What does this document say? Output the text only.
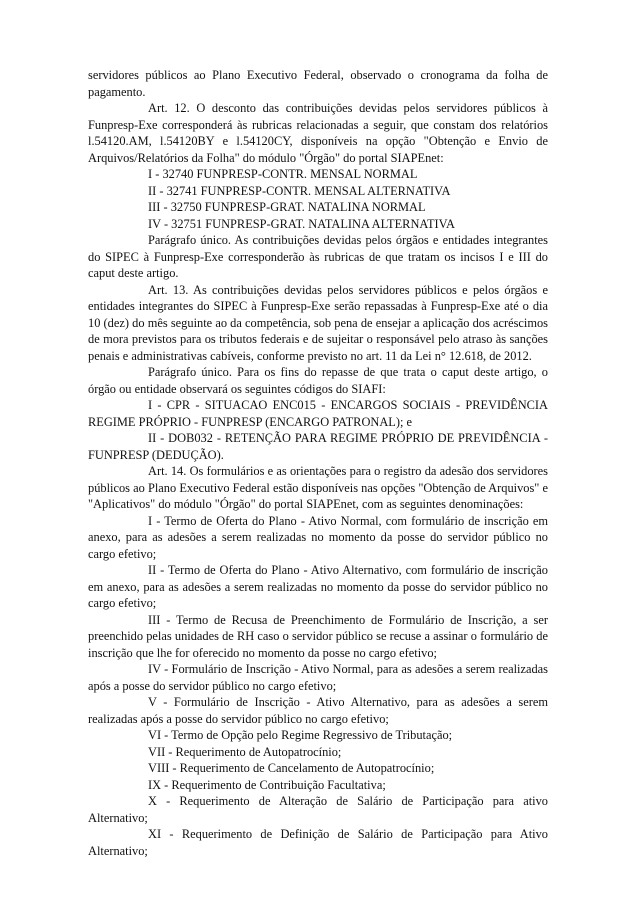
servidores públicos ao Plano Executivo Federal, observado o cronograma da folha de pagamento.

Art. 12. O desconto das contribuições devidas pelos servidores públicos à Funpresp-Exe corresponderá às rubricas relacionadas a seguir, que constam dos relatórios l.54120.AM, l.54120BY e l.54120CY, disponíveis na opção "Obtenção e Envio de Arquivos/Relatórios da Folha" do módulo "Órgão" do portal SIAPEnet:

I - 32740 FUNPRESP-CONTR. MENSAL NORMAL

II - 32741 FUNPRESP-CONTR. MENSAL ALTERNATIVA

III - 32750 FUNPRESP-GRAT. NATALINA NORMAL

IV - 32751 FUNPRESP-GRAT. NATALINA ALTERNATIVA

Parágrafo único. As contribuições devidas pelos órgãos e entidades integrantes do SIPEC à Funpresp-Exe corresponderão às rubricas de que tratam os incisos I e III do caput deste artigo.

Art. 13. As contribuições devidas pelos servidores públicos e pelos órgãos e entidades integrantes do SIPEC à Funpresp-Exe serão repassadas à Funpresp-Exe até o dia 10 (dez) do mês seguinte ao da competência, sob pena de ensejar a aplicação dos acréscimos de mora previstos para os tributos federais e de sujeitar o responsável pelo atraso às sanções penais e administrativas cabíveis, conforme previsto no art. 11 da Lei n° 12.618, de 2012.

Parágrafo único. Para os fins do repasse de que trata o caput deste artigo, o órgão ou entidade observará os seguintes códigos do SIAFI:

I - CPR - SITUACAO ENC015 - ENCARGOS SOCIAIS - PREVIDÊNCIA REGIME PRÓPRIO - FUNPRESP (ENCARGO PATRONAL); e

II - DOB032 - RETENÇÃO PARA REGIME PRÓPRIO DE PREVIDÊNCIA - FUNPRESP (DEDUÇÃO).

Art. 14. Os formulários e as orientações para o registro da adesão dos servidores públicos ao Plano Executivo Federal estão disponíveis nas opções "Obtenção de Arquivos" e "Aplicativos" do módulo "Órgão" do portal SIAPEnet, com as seguintes denominações:

I - Termo de Oferta do Plano - Ativo Normal, com formulário de inscrição em anexo, para as adesões a serem realizadas no momento da posse do servidor público no cargo efetivo;

II - Termo de Oferta do Plano - Ativo Alternativo, com formulário de inscrição em anexo, para as adesões a serem realizadas no momento da posse do servidor público no cargo efetivo;

III - Termo de Recusa de Preenchimento de Formulário de Inscrição, a ser preenchido pelas unidades de RH caso o servidor público se recuse a assinar o formulário de inscrição que lhe for oferecido no momento da posse no cargo efetivo;

IV - Formulário de Inscrição - Ativo Normal, para as adesões a serem realizadas após a posse do servidor público no cargo efetivo;

V - Formulário de Inscrição - Ativo Alternativo, para as adesões a serem realizadas após a posse do servidor público no cargo efetivo;

VI - Termo de Opção pelo Regime Regressivo de Tributação;

VII - Requerimento de Autopatrocínio;

VIII - Requerimento de Cancelamento de Autopatrocínio;

IX - Requerimento de Contribuição Facultativa;

X - Requerimento de Alteração de Salário de Participação para ativo Alternativo;

XI - Requerimento de Definição de Salário de Participação para Ativo Alternativo;
